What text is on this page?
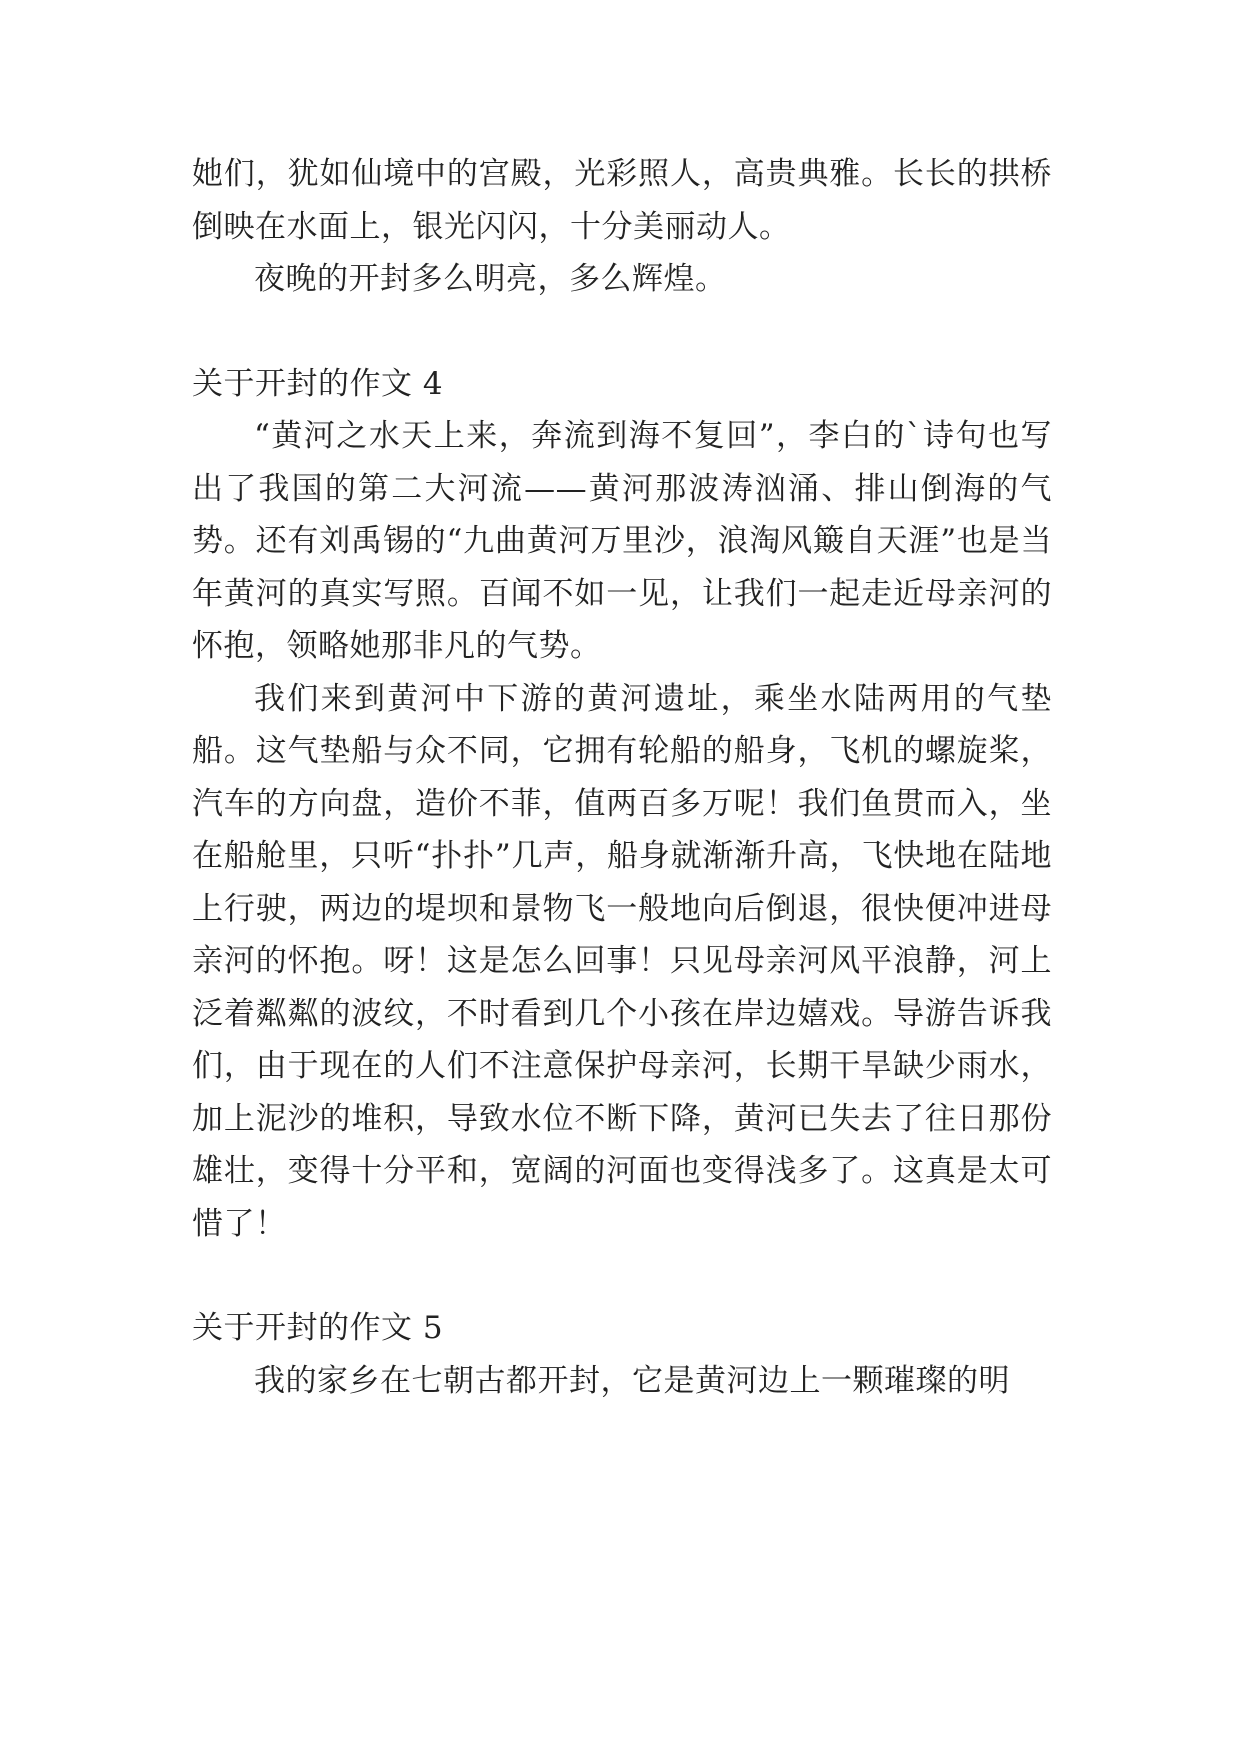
她们，犹如仙境中的宫殿，光彩照人，高贵典雅。长长的拱桥倒映在水面上，银光闪闪，十分美丽动人。

夜晚的开封多么明亮，多么辉煌。

关于开封的作文 4

“黄河之水天上来，奔流到海不复回”，李白的`诗句也写出了我国的第二大河流——黄河那波涛汹涌、排山倒海的气势。还有刘禹锡的“九曲黄河万里沙，浪淘风簸自天涯”也是当年黄河的真实写照。百闻不如一见，让我们一起走近母亲河的怀抱，领略她那非凡的气势。

我们来到黄河中下游的黄河遗址，乘坐水陆两用的气垫船。这气垫船与众不同，它拥有轮船的船身，飞机的螺旋桨，汽车的方向盘，造价不菲，值两百多万呢！我们鱼贯而入，坐在船舱里，只听“扑扑”几声，船身就渐渐升高，飞快地在陆地上行驶，两边的堤坝和景物飞一般地向后倒退，很快便冲进母亲河的怀抱。呀！这是怎么回事！只见母亲河风平浪静，河上泛着粼粼的波纹，不时看到几个小孩在岸边嬉戏。导游告诉我们，由于现在的人们不注意保护母亲河，长期干旱缺少雨水，加上泥沙的堆积，导致水位不断下降，黄河已失去了往日那份雄壮，变得十分平和，宽阔的河面也变得浅多了。这真是太可惜了！

关于开封的作文 5

我的家乡在七朝古都开封，它是黄河边上一颗璀璨的明
